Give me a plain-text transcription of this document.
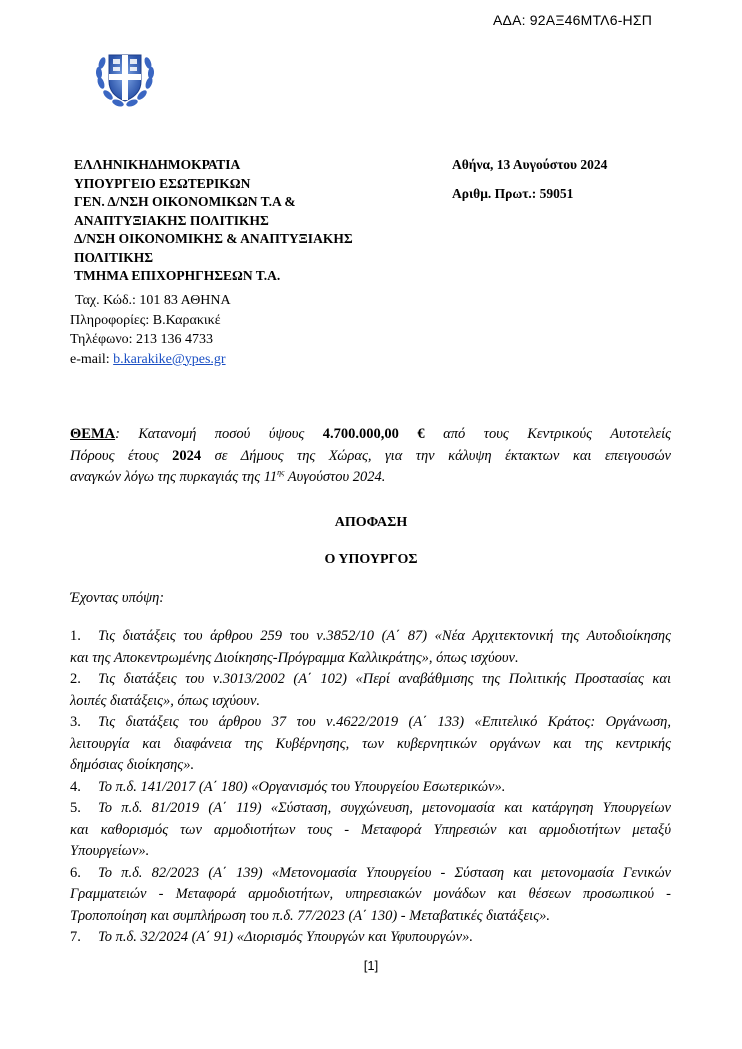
ΑΔΑ: 92ΑΞ46ΜΤΛ6-ΗΣΠ
ΕΛΛΗΝΙΚΗΔΗΜΟΚΡΑΤΙΑ
ΥΠΟΥΡΓΕΙΟ ΕΣΩΤΕΡΙΚΩΝ
ΓΕΝ. Δ/ΝΣΗ ΟΙΚΟΝΟΜΙΚΩΝ Τ.Α &
ΑΝΑΠΤΥΞΙΑΚΗΣ ΠΟΛΙΤΙΚΗΣ
Δ/ΝΣΗ ΟΙΚΟΝΟΜΙΚΗΣ & ΑΝΑΠΤΥΞΙΑΚΗΣ
ΠΟΛΙΤΙΚΗΣ
ΤΜΗΜΑ ΕΠΙΧΟΡΗΓΗΣΕΩΝ Τ.Α.
Αθήνα, 13 Αυγούστου 2024
Αριθμ. Πρωτ.: 59051
Ταχ. Κώδ.: 101 83 ΑΘΗΝΑ
Πληροφορίες: Β.Καρακικέ
Τηλέφωνο: 213 136 4733
e-mail: b.karakike@ypes.gr
ΘΕΜΑ: Κατανομή ποσού ύψους 4.700.000,00 € από τους Κεντρικούς Αυτοτελείς
Πόρους έτους 2024 σε Δήμους της Χώρας, για την κάλυψη έκτακτων και επειγουσών
αναγκών λόγω της πυρκαγιάς της $11^{\eta\varsigma}$ Αυγούστου 2024.
ΑΠΟΦΑΣΗ
Ο ΥΠΟΥΡΓΟΣ
Έχοντας υπόψη:
1. Τις διατάξεις του άρθρου 259 του ν.3852/10 (Α΄ 87) «Νέα Αρχιτεκτονική της Αυτοδιοίκησης
και της Αποκεντρωμένης Διοίκησης-Πρόγραμμα Καλλικράτης», όπως ισχύουν.
2. Τις διατάξεις του ν.3013/2002 (Α΄ 102) «Περί αναβάθμισης της Πολιτικής Προστασίας και
λοιπές διατάξεις», όπως ισχύουν.
3. Τις διατάξεις του άρθρου 37 του ν.4622/2019 (Α΄ 133) «Επιτελικό Κράτος: Οργάνωση,
λειτουργία και διαφάνεια της Κυβέρνησης, των κυβερνητικών οργάνων και της κεντρικής
δημόσιας διοίκησης».
4. Το π.δ. 141/2017 (Α΄ 180) «Οργανισμός του Υπουργείου Εσωτερικών».
5. Το π.δ. 81/2019 (Α΄ 119) «Σύσταση, συγχώνευση, μετονομασία και κατάργηση Υπουργείων
και καθορισμός των αρμοδιοτήτων τους - Μεταφορά Υπηρεσιών και αρμοδιοτήτων μεταξύ
Υπουργείων».
6. Το π.δ. 82/2023 (Α΄ 139) «Μετονομασία Υπουργείου - Σύσταση και μετονομασία Γενικών
Γραμματειών - Μεταφορά αρμοδιοτήτων, υπηρεσιακών μονάδων και θέσεων προσωπικού -
Τροποποίηση και συμπλήρωση του π.δ. 77/2023 (Α΄ 130) - Μεταβατικές διατάξεις».
7. Το π.δ. 32/2024 (Α΄ 91) «Διορισμός Υπουργών και Υφυπουργών».
[1]
